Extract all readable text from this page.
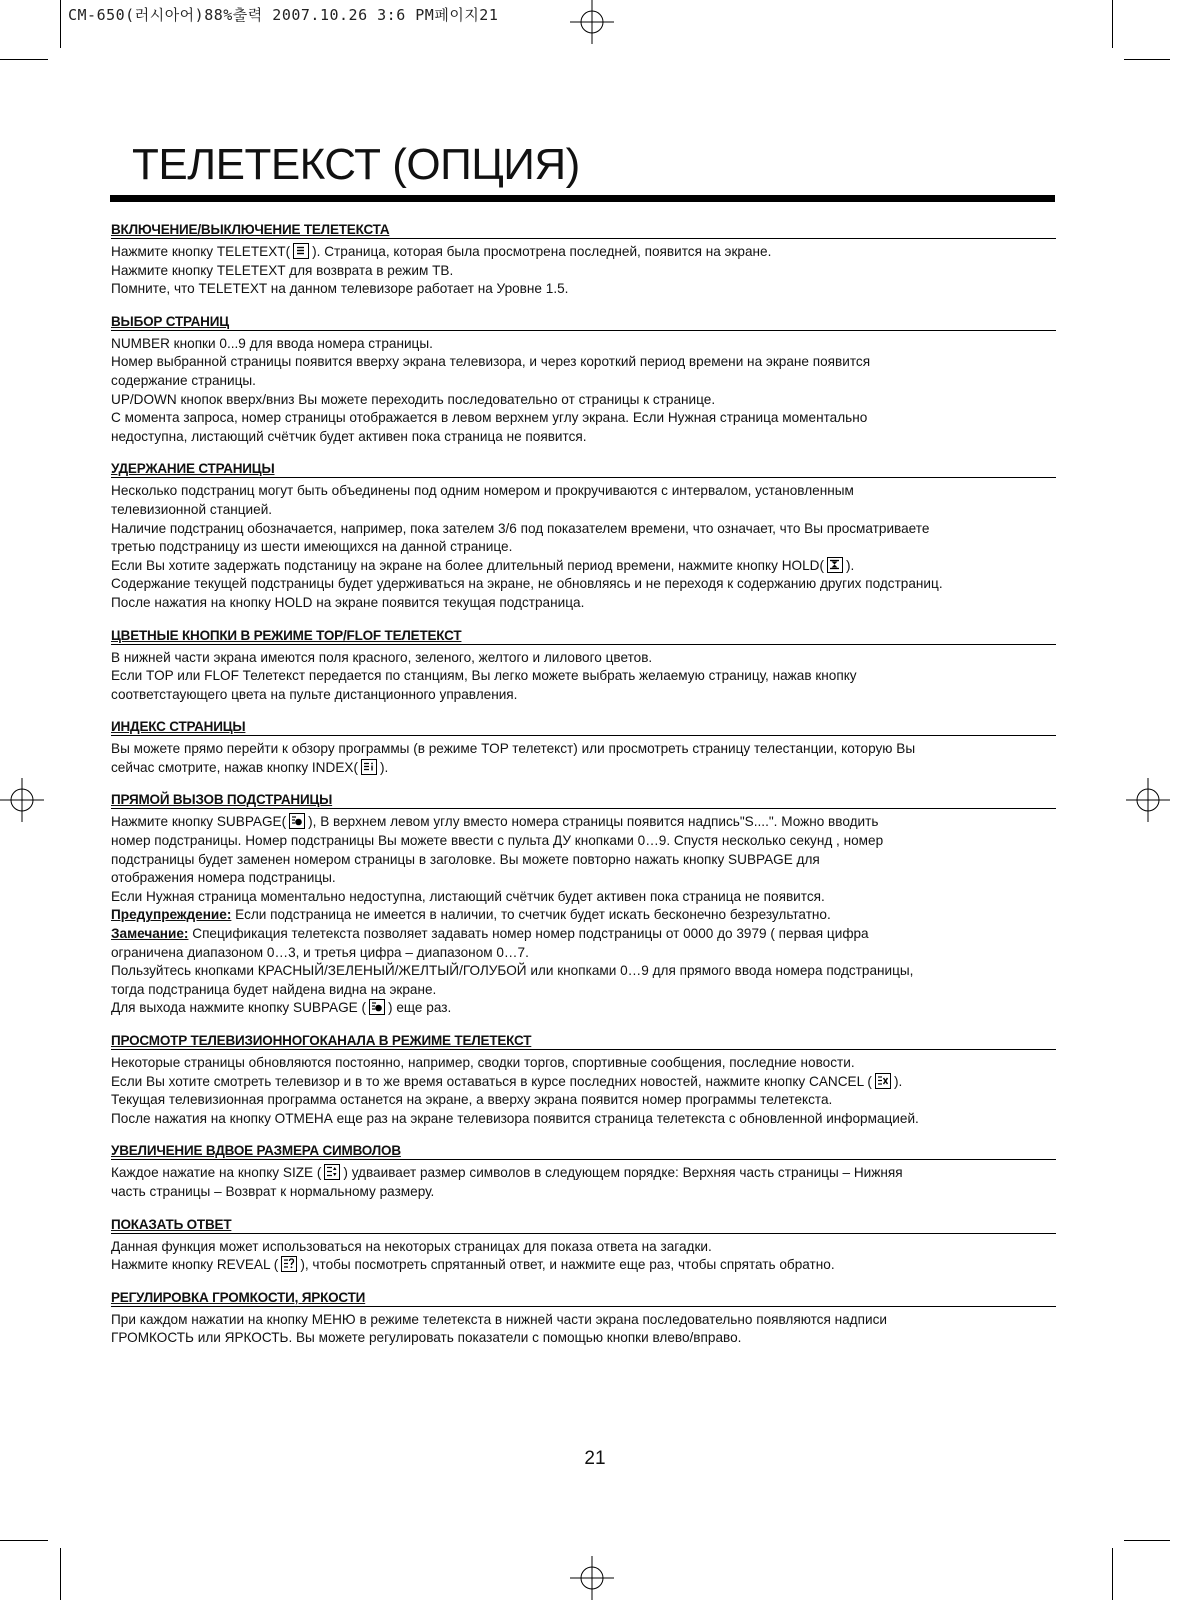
CM-650(러시아어)88%출력 2007.10.26 3:6 PM페이지21
ТЕЛЕТЕКСТ (ОПЦИЯ)
ВКЛЮЧЕНИЕ/ВЫКЛЮЧЕНИЕ ТЕЛЕТЕКСТА
Нажмите кнопку TELETEXT( ). Страница, которая была просмотрена последней, появится на экране.
Нажмите кнопку TELETEXT для возврата в режим ТВ.
Помните, что TELETEXT на данном телевизоре работает на Уровне 1.5.
ВЫБОР СТРАНИЦ
NUMBER кнопки 0...9 для ввода номера страницы.
Номер выбранной страницы появится вверху экрана телевизора, и через короткий период времени на экране появится
содержание страницы.
UP/DOWN кнопок вверх/вниз Вы можете переходить последовательно от страницы к странице.
С момента запроса, номер страницы отображается в левом верхнем углу экрана. Если Нужная страница моментально
недоступна, листающий счётчик будет активен пока страница не появится.
УДЕРЖАНИЕ СТРАНИЦЫ
Несколько подстраниц могут быть объединены под одним номером и прокручиваются с интервалом, установленным
телевизионной станцией.
Наличие подстраниц обозначается, например, пока зателем 3/6 под показателем времени, что означает, что Вы просматриваете
третью подстраницу из шести имеющихся на данной странице.
Если Вы хотите задержать подстаницу на экране на более длительный период времени, нажмите кнопку HOLD( ).
Содержание текущей подстраницы будет удерживаться на экране, не обновляясь и не переходя к содержанию других подстраниц.
После нажатия на кнопку HOLD на экране появится текущая подстраница.
ЦВЕТНЫЕ КНОПКИ В РЕЖИМЕ TOP/FLOF ТЕЛЕТЕКСТ
В нижней части экрана имеются поля красного, зеленого, желтого и лилового цветов.
Если TOP или FLOF Телетекст передается по станциям, Вы легко можете выбрать желаемую страницу, нажав кнопку
соответстаующего цвета на пульте дистанционного управления.
ИНДЕКС СТРАНИЦЫ
Вы можете прямо перейти к обзору программы (в режиме TOP телетекст) или просмотреть страницу телестанции, которую Вы
сейчас смотрите, нажав кнопку INDEX( ).
ПРЯМОЙ ВЫЗОВ ПОДСТРАНИЦЫ
Нажмите кнопку SUBPAGE( ), В верхнем левом углу вместо номера страницы появится надпись"S....". Можно вводить
номер подстраницы. Номер подстраницы Вы можете ввести с пульта ДУ кнопками 0…9. Спустя несколько секунд , номер
подстраницы будет заменен номером страницы в заголовке. Вы можете повторно нажать кнопку SUBPAGE для
отображения номера подстраницы.
Если Нужная страница моментально недоступна, листающий счётчик будет активен пока страница не появится.
Предупреждение: Если подстраница не имеется в наличии, то счетчик будет искать бесконечно безрезультатно.
Замечание: Спецификация телетекста позволяет задавать номер номер подстраницы от 0000 до 3979 ( первая цифра
ограничена диапазоном 0…3, и третья цифра – диапазоном 0…7.
Пользуйтесь кнопками КРАСНЫЙ/ЗЕЛЕНЫЙ/ЖЕЛТЫЙ/ГОЛУБОЙ или кнопками 0…9 для прямого ввода номера подстраницы,
тогда подстраница будет найдена видна на экране.
Для выхода нажмите кнопку SUBPAGE ( ) еще раз.
ПРОСМОТР ТЕЛЕВИЗИОННОГОКАНАЛА В РЕЖИМЕ ТЕЛЕТЕКСТ
Некоторые страницы обновляются постоянно, например, сводки торгов, спортивные сообщения, последние новости.
Если Вы хотите смотреть телевизор и в то же время оставаться в курсе последних новостей, нажмите кнопку CANCEL ( ).
Текущая телевизионная программа останется на экране, а вверху экрана появится номер программы телетекста.
После нажатия на кнопку ОТМЕНА еще раз на экране телевизора появится страница телетекста с обновленной информацией.
УВЕЛИЧЕНИЕ ВДВОЕ РАЗМЕРА СИМВОЛОВ
Каждое нажатие на кнопку SIZE ( ) удваивает размер символов в следующем порядке: Верхняя часть страницы – Нижняя
часть страницы – Возврат к нормальному размеру.
ПОКАЗАТЬ ОТВЕТ
Данная функция может использоваться на некоторых страницах для показа ответа на загадки.
Нажмите кнопку REVEAL ( ), чтобы посмотреть спрятанный ответ, и нажмите еще раз, чтобы спрятать обратно.
РЕГУЛИРОВКА ГРОМКОСТИ, ЯРКОСТИ
При каждом нажатии на кнопку МЕНЮ в режиме телетекста в нижней части экрана последовательно появляются надписи
ГРОМКОСТЬ или ЯРКОСТЬ. Вы можете регулировать показатели с помощью кнопки влево/вправо.
21
